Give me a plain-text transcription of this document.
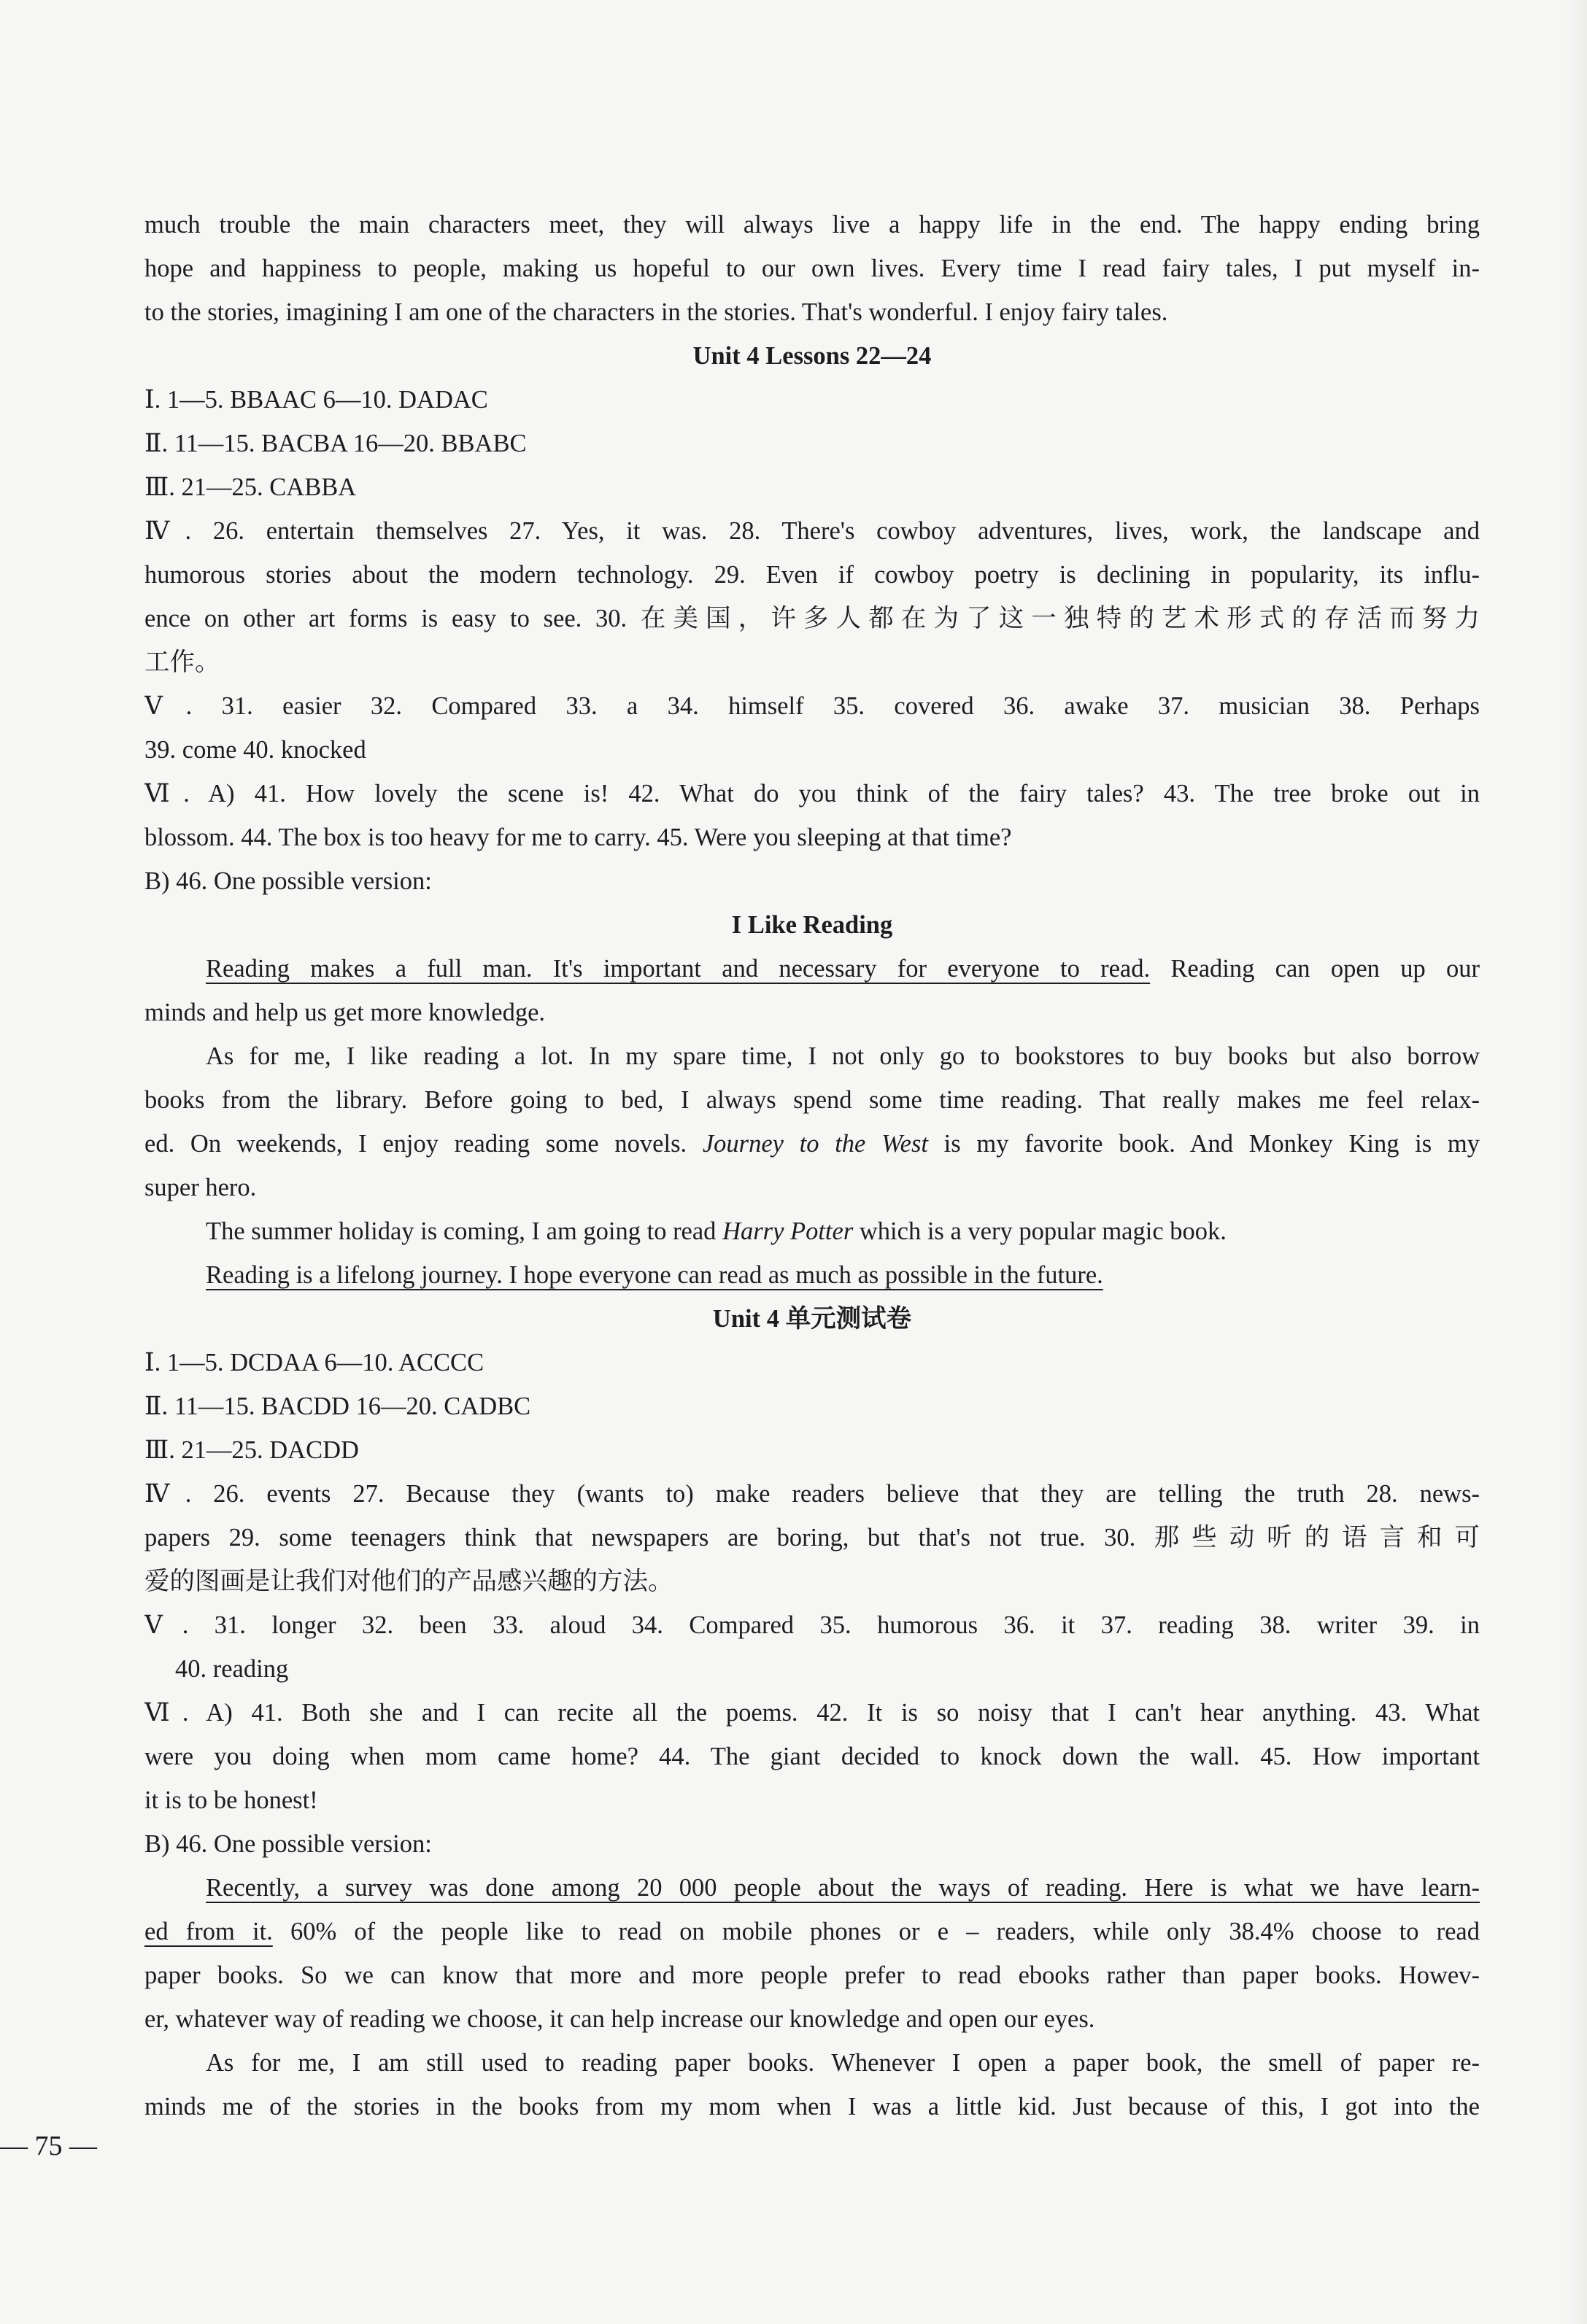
much trouble the main characters meet, they will always live a happy life in the end. The happy ending bring
hope and happiness to people, making us hopeful to our own lives. Every time I read fairy tales, I put myself in-
to the stories, imagining I am one of the characters in the stories. That's wonderful. I enjoy fairy tales.
Unit 4 Lessons 22—24
Ⅰ. 1—5. BBAAC 6—10. DADAC
Ⅱ. 11—15. BACBA 16—20. BBABC
Ⅲ. 21—25. CABBA
Ⅳ. 26. entertain themselves 27. Yes, it was. 28. There's cowboy adventures, lives, work, the landscape and
humorous stories about the modern technology. 29. Even if cowboy poetry is declining in popularity, its influ-
ence on other art forms is easy to see. 30. 在美国，许多人都在为了这一独特的艺术形式的存活而努力
工作。
Ⅴ. 31. easier 32. Compared 33. a 34. himself 35. covered 36. awake 37. musician 38. Perhaps
39. come 40. knocked
Ⅵ. A) 41. How lovely the scene is! 42. What do you think of the fairy tales? 43. The tree broke out in
blossom. 44. The box is too heavy for me to carry. 45. Were you sleeping at that time?
B) 46. One possible version:
I Like Reading
Reading makes a full man. It's important and necessary for everyone to read. Reading can open up our
minds and help us get more knowledge.
As for me, I like reading a lot. In my spare time, I not only go to bookstores to buy books but also borrow
books from the library. Before going to bed, I always spend some time reading. That really makes me feel relax-
ed. On weekends, I enjoy reading some novels. Journey to the West is my favorite book. And Monkey King is my
super hero.
The summer holiday is coming, I am going to read Harry Potter which is a very popular magic book.
Reading is a lifelong journey. I hope everyone can read as much as possible in the future.
Unit 4 单元测试卷
Ⅰ. 1—5. DCDAA 6—10. ACCCC
Ⅱ. 11—15. BACDD 16—20. CADBC
Ⅲ. 21—25. DACDD
Ⅳ. 26. events 27. Because they (wants to) make readers believe that they are telling the truth 28. news-
papers 29. some teenagers think that newspapers are boring, but that's not true. 30. 那些动听的语言和可
爱的图画是让我们对他们的产品感兴趣的方法。
Ⅴ. 31. longer 32. been 33. aloud 34. Compared 35. humorous 36. it 37. reading 38. writer 39. in
40. reading
Ⅵ. A) 41. Both she and I can recite all the poems. 42. It is so noisy that I can't hear anything. 43. What
were you doing when mom came home? 44. The giant decided to knock down the wall. 45. How important
it is to be honest!
B) 46. One possible version:
Recently, a survey was done among 20 000 people about the ways of reading. Here is what we have learn-
ed from it. 60% of the people like to read on mobile phones or e – readers, while only 38.4% choose to read
paper books. So we can know that more and more people prefer to read ebooks rather than paper books. Howev-
er, whatever way of reading we choose, it can help increase our knowledge and open our eyes.
As for me, I am still used to reading paper books. Whenever I open a paper book, the smell of paper re-
minds me of the stories in the books from my mom when I was a little kid. Just because of this, I got into the
— 75 —
